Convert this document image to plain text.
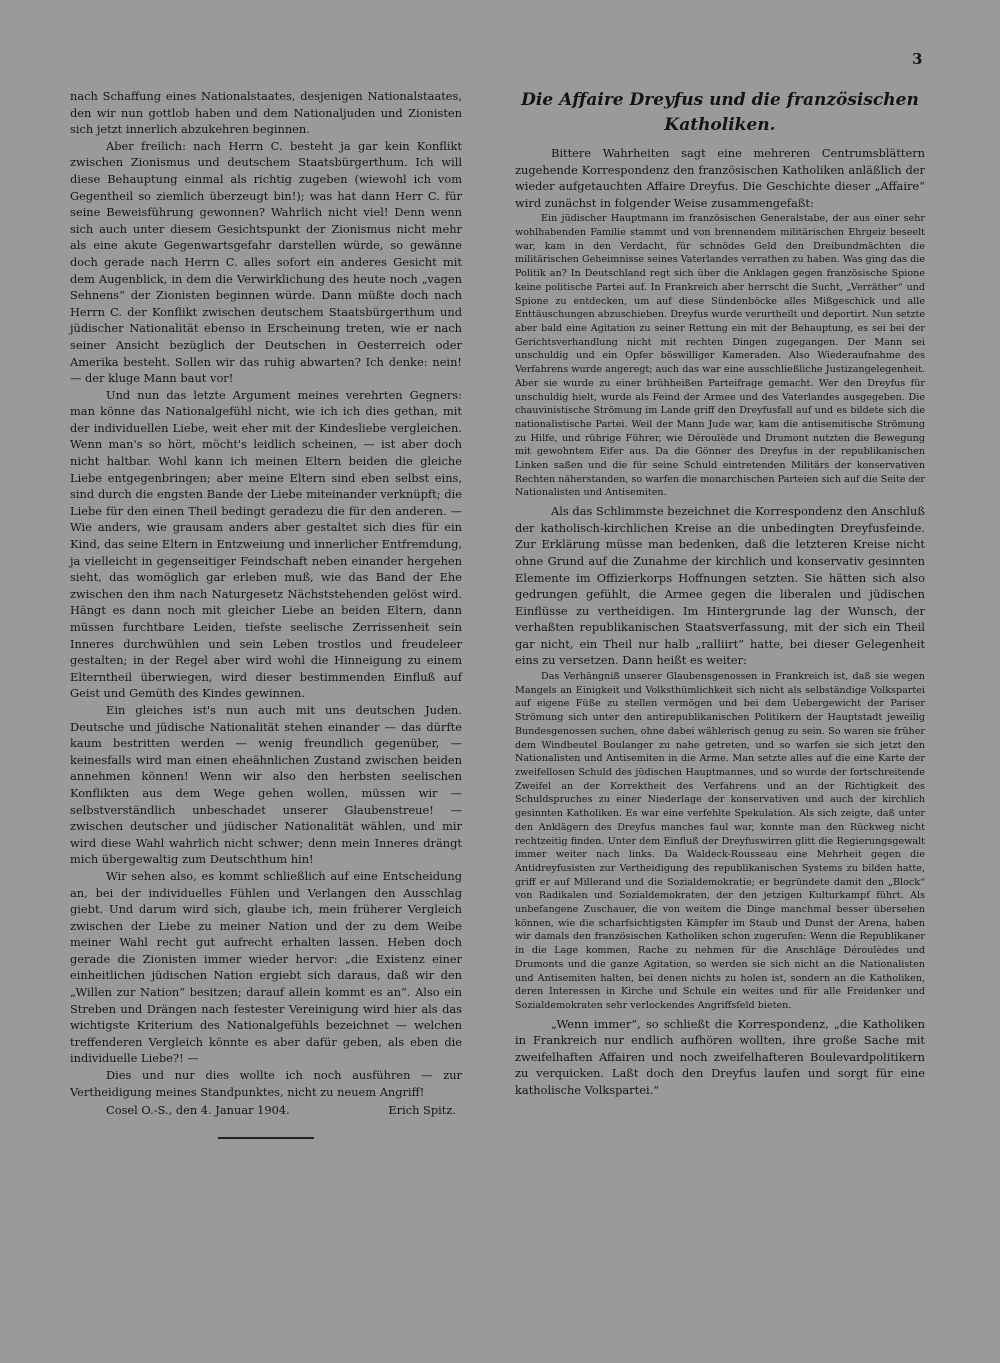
3

nach Schaffung eines Nationalstaates, desjenigen Nationalstaates, den wir nun gottlob haben und dem Nationaljuden und Zionisten sich jetzt innerlich abzukehren beginnen.

Aber freilich: nach Herrn C. besteht ja gar kein Konflikt zwischen Zionismus und deutschem Staatsbürgerthum. Ich will diese Behauptung einmal als richtig zugeben (wiewohl ich vom Gegentheil so ziemlich überzeugt bin!); was hat dann Herr C. für seine Beweisführung gewonnen? Wahrlich nicht viel! Denn wenn sich auch unter diesem Gesichtspunkt der Zionismus nicht mehr als eine akute Gegenwartsgefahr darstellen würde, so gewänne doch gerade nach Herrn C. alles sofort ein anderes Gesicht mit dem Augenblick, in dem die Verwirklichung des heute noch „vagen Sehnens“ der Zionisten beginnen würde. Dann müßte doch nach Herrn C. der Konflikt zwischen deutschem Staatsbürgerthum und jüdischer Nationalität ebenso in Erscheinung treten, wie er nach seiner Ansicht bezüglich der Deutschen in Oesterreich oder Amerika besteht. Sollen wir das ruhig abwarten? Ich denke: nein! — der kluge Mann baut vor!

Und nun das letzte Argument meines verehrten Gegners: man könne das Nationalgefühl nicht, wie ich ich dies gethan, mit der individuellen Liebe, weit eher mit der Kindesliebe vergleichen. Wenn man's so hört, möcht's leidlich scheinen, — ist aber doch nicht haltbar. Wohl kann ich meinen Eltern beiden die gleiche Liebe entgegenbringen; aber meine Eltern sind eben selbst eins, sind durch die engsten Bande der Liebe miteinander verknüpft; die Liebe für den einen Theil bedingt geradezu die für den anderen. — Wie anders, wie grausam anders aber gestaltet sich dies für ein Kind, das seine Eltern in Entzweiung und innerlicher Entfremdung, ja vielleicht in gegenseitiger Feindschaft neben einander hergehen sieht, das womöglich gar erleben muß, wie das Band der Ehe zwischen den ihm nach Naturgesetz Nächststehenden gelöst wird. Hängt es dann noch mit gleicher Liebe an beiden Eltern, dann müssen furchtbare Leiden, tiefste seelische Zerrissenheit sein Inneres durchwühlen und sein Leben trostlos und freudeleer gestalten; in der Regel aber wird wohl die Hinneigung zu einem Elterntheil überwiegen, wird dieser bestimmenden Einfluß auf Geist und Gemüth des Kindes gewinnen.

Ein gleiches ist's nun auch mit uns deutschen Juden. Deutsche und jüdische Nationalität stehen einander — das dürfte kaum bestritten werden — wenig freundlich gegenüber, — keinesfalls wird man einen eheähnlichen Zustand zwischen beiden annehmen können! Wenn wir also den herbsten seelischen Konflikten aus dem Wege gehen wollen, müssen wir — selbstverständlich unbeschadet unserer Glaubenstreue! — zwischen deutscher und jüdischer Nationalität wählen, und mir wird diese Wahl wahrlich nicht schwer; denn mein Inneres drängt mich übergewaltig zum Deutschthum hin!

Wir sehen also, es kommt schließlich auf eine Entscheidung an, bei der individuelles Fühlen und Verlangen den Ausschlag giebt. Und darum wird sich, glaube ich, mein früherer Vergleich zwischen der Liebe zu meiner Nation und der zu dem Weibe meiner Wahl recht gut aufrecht erhalten lassen. Heben doch gerade die Zionisten immer wieder hervor: „die Existenz einer einheitlichen jüdischen Nation ergiebt sich daraus, daß wir den „Willen zur Nation“ besitzen; darauf allein kommt es an“. Also ein Streben und Drängen nach festester Vereinigung wird hier als das wichtigste Kriterium des Nationalgefühls bezeichnet — welchen treffenderen Vergleich könnte es aber dafür geben, als eben die individuelle Liebe?! —

Dies und nur dies wollte ich noch ausführen — zur Vertheidigung meines Standpunktes, nicht zu neuem Angriff!

Cosel O.-S., den 4. Januar 1904.	Erich Spitz.

Die Affaire Dreyfus und die französischen Katholiken.

Bittere Wahrheiten sagt eine mehreren Centrumsblättern zugehende Korrespondenz den französischen Katholiken anläßlich der wieder aufgetauchten Affaire Dreyfus. Die Geschichte dieser „Affaire“ wird zunächst in folgender Weise zusammengefaßt:

Ein jüdischer Hauptmann im französischen Generalstabe, der aus einer sehr wohlhabenden Familie stammt und von brennendem militärischen Ehrgeiz beseelt war, kam in den Verdacht, für schnödes Geld den Dreibundmächten die militärischen Geheimnisse seines Vaterlandes verrathen zu haben. Was ging das die Politik an? In Deutschland regt sich über die Anklagen gegen französische Spione keine politische Partei auf. In Frankreich aber herrscht die Sucht, „Verräther“ und Spione zu entdecken, um auf diese Sündenböcke alles Mißgeschick und alle Enttäuschungen abzuschieben. Dreyfus wurde verurtheilt und deportirt. Nun setzte aber bald eine Agitation zu seiner Rettung ein mit der Behauptung, es sei bei der Gerichtsverhandlung nicht mit rechten Dingen zugegangen. Der Mann sei unschuldig und ein Opfer böswilliger Kameraden. Also Wiederaufnahme des Verfahrens wurde angeregt; auch das war eine ausschließliche Justizangelegenheit. Aber sie wurde zu einer brühheißen Parteifrage gemacht. Wer den Dreyfus für unschuldig hielt, wurde als Feind der Armee und des Vaterlandes ausgegeben. Die chauvinistische Strömung im Lande griff den Dreyfusfall auf und es bildete sich die nationalistische Partei. Weil der Mann Jude war, kam die antisemitische Strömung zu Hilfe, und rührige Führer, wie Déroulède und Drumont nutzten die Bewegung mit gewohntem Eifer aus. Da die Gönner des Dreyfus in der republikanischen Linken saßen und die für seine Schuld eintretenden Militärs der konservativen Rechten näherstanden, so warfen die monarchischen Parteien sich auf die Seite der Nationalisten und Antisemiten.

Als das Schlimmste bezeichnet die Korrespondenz den Anschluß der katholisch-kirchlichen Kreise an die unbedingten Dreyfusfeinde. Zur Erklärung müsse man bedenken, daß die letzteren Kreise nicht ohne Grund auf die Zunahme der kirchlich und konservativ gesinnten Elemente im Offizierkorps Hoffnungen setzten. Sie hätten sich also gedrungen gefühlt, die Armee gegen die liberalen und jüdischen Einflüsse zu vertheidigen. Im Hintergrunde lag der Wunsch, der verhaßten republikanischen Staatsverfassung, mit der sich ein Theil gar nicht, ein Theil nur halb „ralliirt“ hatte, bei dieser Gelegenheit eins zu versetzen. Dann heißt es weiter:

Das Verhängniß unserer Glaubensgenossen in Frankreich ist, daß sie wegen Mangels an Einigkeit und Volksthümlichkeit sich nicht als selbständige Volkspartei auf eigene Füße zu stellen vermögen und bei dem Uebergewicht der Pariser Strömung sich unter den antirepublikanischen Politikern der Hauptstadt jeweilig Bundesgenossen suchen, ohne dabei wählerisch genug zu sein. So waren sie früher dem Windbeutel Boulanger zu nahe getreten, und so warfen sie sich jetzt den Nationalisten und Antisemiten in die Arme. Man setzte alles auf die eine Karte der zweifellosen Schuld des jüdischen Hauptmannes, und so wurde der fortschreitende Zweifel an der Korrektheit des Verfahrens und an der Richtigkeit des Schuldspruches zu einer Niederlage der konservativen und auch der kirchlich gesinnten Katholiken. Es war eine verfehlte Spekulation. Als sich zeigte, daß unter den Anklägern des Dreyfus manches faul war, konnte man den Rückweg nicht rechtzeitig finden. Unter dem Einfluß der Dreyfuswirren glitt die Regierungsgewalt immer weiter nach links. Da Waldeck-Rousseau eine Mehrheit gegen die Antidreyfusisten zur Vertheidigung des republikanischen Systems zu bilden hatte, griff er auf Millerand und die Sozialdemokratie; er begründete damit den „Block“ von Radikalen und Sozialdemokraten, der den jetzigen Kulturkampf führt. Als unbefangene Zuschauer, die von weitem die Dinge manchmal besser übersehen können, wie die scharfsichtigsten Kämpfer im Staub und Dunst der Arena, haben wir damals den französischen Katholiken schon zugerufen: Wenn die Republikaner in die Lage kommen, Rache zu nehmen für die Anschläge Déroulèdes und Drumonts und die ganze Agitation, so werden sie sich nicht an die Nationalisten und Antisemiten halten, bei denen nichts zu holen ist, sondern an die Katholiken, deren Interessen in Kirche und Schule ein weites und für alle Freidenker und Sozialdemokraten sehr verlockendes Angriffsfeld bieten.

„Wenn immer“, so schließt die Korrespondenz, „die Katholiken in Frankreich nur endlich aufhören wollten, ihre große Sache mit zweifelhaften Affairen und noch zweifelhafteren Boulevardpolitikern zu verquicken. Laßt doch den Dreyfus laufen und sorgt für eine katholische Volkspartei.“
